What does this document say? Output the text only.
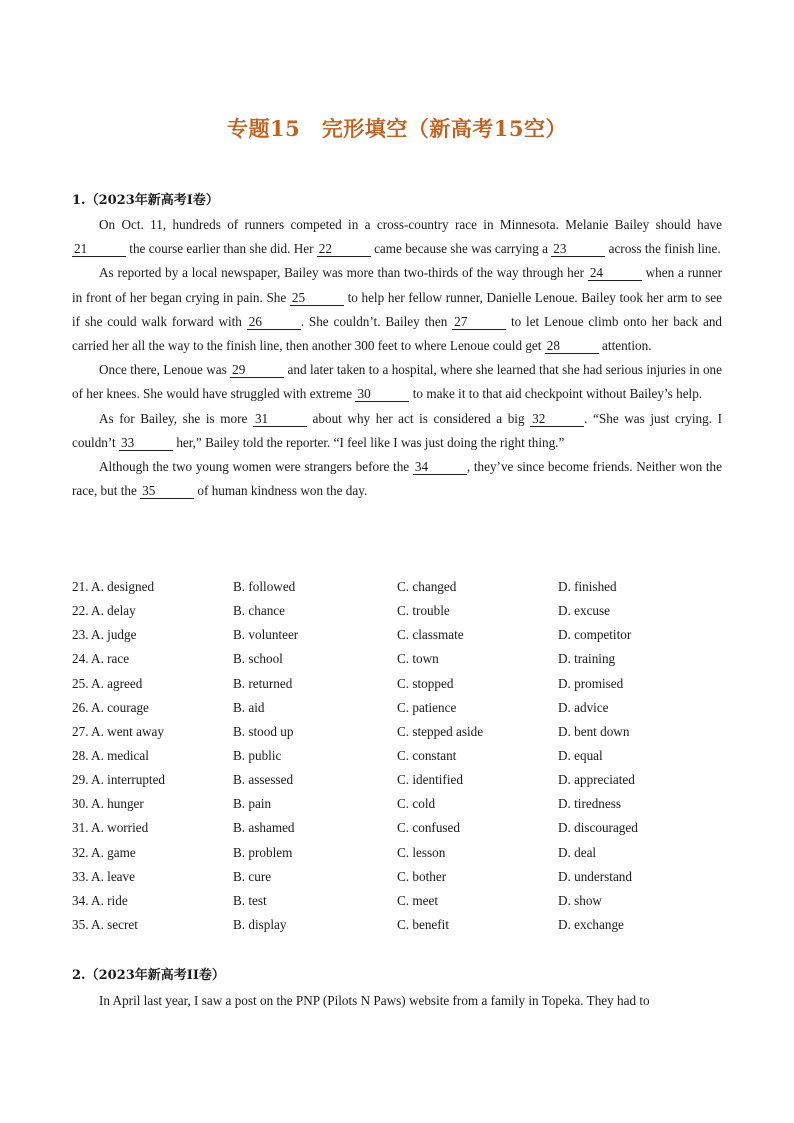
专题15　完形填空（新高考15空）
1.（2023年新高考I卷）

On Oct. 11, hundreds of runners competed in a cross-country race in Minnesota. Melanie Bailey should have 21	the course earlier than she did. Her 22	came because she was carrying a 23	across the finish line.

As reported by a local newspaper, Bailey was more than two-thirds of the way through her 24	when a runner in front of her began crying in pain. She 25	to help her fellow runner, Danielle Lenoue. Bailey took her arm to see if she could walk forward with 26	. She couldn’t. Bailey then 27	to let Lenoue climb onto her back and carried her all the way to the finish line, then another 300 feet to where Lenoue could get 28	attention.

Once there, Lenoue was 29	and later taken to a hospital, where she learned that she had serious injuries in one of her knees. She would have struggled with extreme 30	to make it to that aid checkpoint without Bailey’s help.

As for Bailey, she is more 31	about why her act is considered a big 32	. “She was just crying. I couldn’t 33	her,” Bailey told the reporter. “I feel like I was just doing the right thing.”

Although the two young women were strangers before the 34	, they’ve since become friends. Neither won the race, but the 35	of human kindness won the day.

21. A. designed	B. followed	C. changed	D. finished
22. A. delay	B. chance	C. trouble	D. excuse
23. A. judge	B. volunteer	C. classmate	D. competitor
24. A. race	B. school	C. town	D. training
25. A. agreed	B. returned	C. stopped	D. promised
26. A. courage	B. aid	C. patience	D. advice
27. A. went away	B. stood up	C. stepped aside	D. bent down
28. A. medical	B. public	C. constant	D. equal
29. A. interrupted	B. assessed	C. identified	D. appreciated
30. A. hunger	B. pain	C. cold	D. tiredness
31. A. worried	B. ashamed	C. confused	D. discouraged
32. A. game	B. problem	C. lesson	D. deal
33. A. leave	B. cure	C. bother	D. understand
34. A. ride	B. test	C. meet	D. show
35. A. secret	B. display	C. benefit	D. exchange
2.（2023年新高考II卷）

In April last year, I saw a post on the PNP (Pilots N Paws) website from a family in Topeka. They had to
